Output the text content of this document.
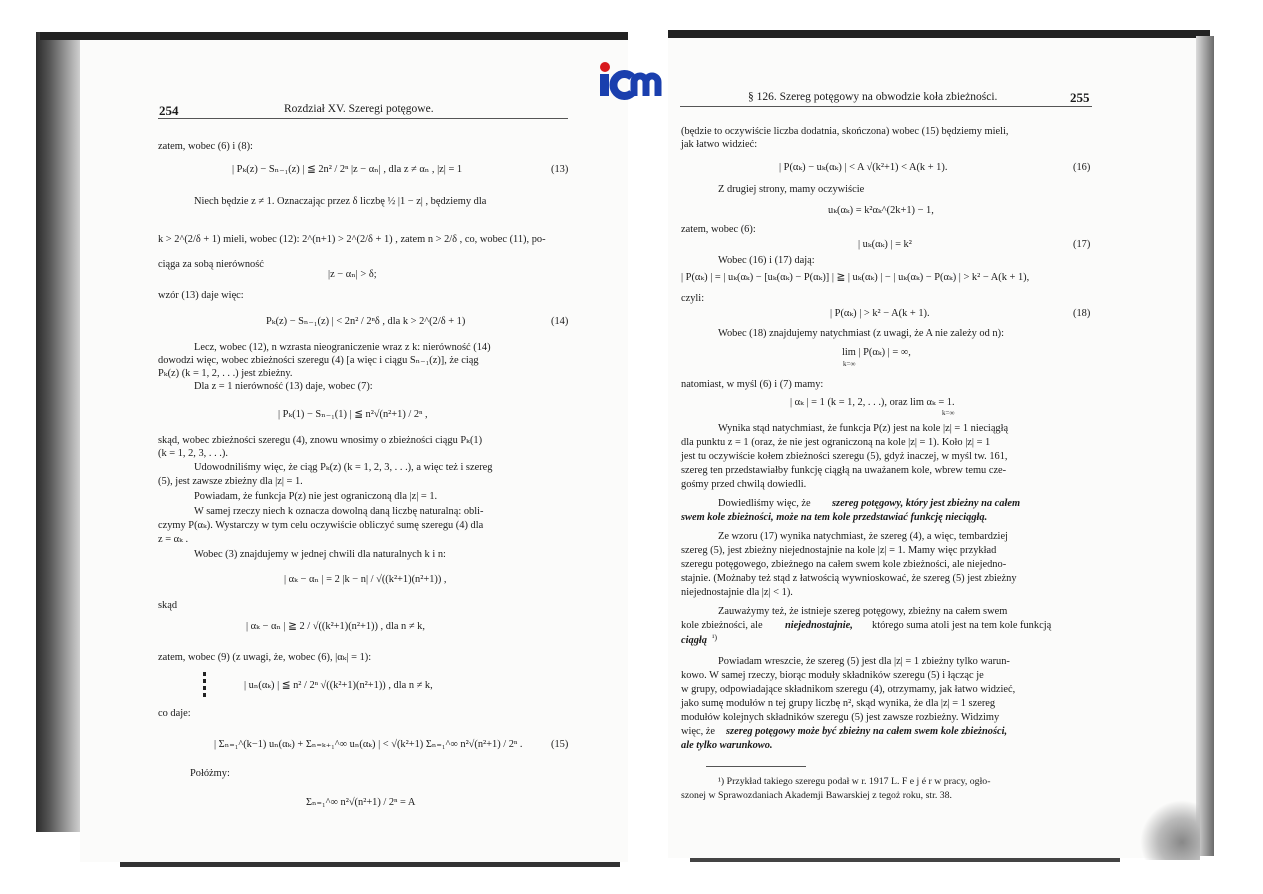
254	Rozdział XV. Szeregi potęgowe.
zatem, wobec (6) i (8):
| Pₖ(z) − Sₙ₋₁(z) | ≦ 2n² / 2ⁿ |z − αₙ| , dla z ≠ αₙ , |z| = 1	(13)
Niech będzie z ≠ 1. Oznaczając przez δ liczbę ½ |1 − z| , będziemy dla
k > 2^(2/δ + 1) mieli, wobec (12): 2^(n+1) > 2^(2/δ + 1) , zatem n > 2/δ , co, wobec (11), po-
ciąga za sobą nierówność
|z − αₙ| > δ;
wzór (13) daje więc:
Pₖ(z) − Sₙ₋₁(z) | < 2n² / 2ⁿδ , dla k > 2^(2/δ + 1)	(14)
Lecz, wobec (12), n wzrasta nieograniczenie wraz z k: nierówność (14)
dowodzi więc, wobec zbieżności szeregu (4) [a więc i ciągu Sₙ₋₁(z)], że ciąg
Pₖ(z) (k = 1, 2, . . .) jest zbieżny.
Dla z = 1 nierówność (13) daje, wobec (7):
| Pₖ(1) − Sₙ₋₁(1) | ≦ n²√(n²+1) / 2ⁿ ,
skąd, wobec zbieżności szeregu (4), znowu wnosimy o zbieżności ciągu Pₖ(1)
(k = 1, 2, 3, . . .).
Udowodniliśmy więc, że ciąg Pₖ(z) (k = 1, 2, 3, . . .), a więc też i szereg
(5), jest zawsze zbieżny dla |z| = 1.
Powiadam, że funkcja P(z) nie jest ograniczoną dla |z| = 1.
W samej rzeczy niech k oznacza dowolną daną liczbę naturalną: obli-
czymy P(αₖ). Wystarczy w tym celu oczywiście obliczyć sumę szeregu (4) dla
z = αₖ .
Wobec (3) znajdujemy w jednej chwili dla naturalnych k i n:
| αₖ − αₙ | = 2 |k − n| / √((k²+1)(n²+1)) ,
skąd
| αₖ − αₙ | ≧ 2 / √((k²+1)(n²+1)) , dla n ≠ k,
zatem, wobec (9) (z uwagi, że, wobec (6), |αₖ| = 1):
| uₙ(αₖ) | ≦ n² / 2ⁿ √((k²+1)(n²+1)) , dla n ≠ k,
co daje:
| Σₙ₌₁^(k−1) uₙ(αₖ) + Σₙ₌ₖ₊₁^∞ uₙ(αₖ) | < √(k²+1) Σₙ₌₁^∞ n²√(n²+1) / 2ⁿ .	(15)
Połóżmy:
Σₙ₌₁^∞ n²√(n²+1) / 2ⁿ = A
§ 126. Szereg potęgowy na obwodzie koła zbieżności.	255
(będzie to oczywiście liczba dodatnia, skończona) wobec (15) będziemy mieli,
jak łatwo widzieć:
| P(αₖ) − uₖ(αₖ) | < A √(k²+1) < A(k + 1).	(16)
Z drugiej strony, mamy oczywiście
uₖ(αₖ) = k²αₖ^(2k+1) − 1,
zatem, wobec (6):
| uₖ(αₖ) | = k²	(17)
Wobec (16) i (17) dają:
| P(αₖ) | = | uₖ(αₖ) − [uₖ(αₖ) − P(αₖ)] | ≧ | uₖ(αₖ) | − | uₖ(αₖ) − P(αₖ) | > k² − A(k + 1),
czyli:
| P(αₖ) | > k² − A(k + 1).	(18)
Wobec (18) znajdujemy natychmiast (z uwagi, że A nie zależy od n):
lim | P(αₖ) | = ∞,
k=∞
natomiast, w myśl (6) i (7) mamy:
| αₖ | = 1 (k = 1, 2, . . .), oraz lim αₖ = 1.
k=∞
Wynika stąd natychmiast, że funkcja P(z) jest na kole |z| = 1 nieciągłą
dla punktu z = 1 (oraz, że nie jest ograniczoną na kole |z| = 1). Koło |z| = 1
jest tu oczywiście kołem zbieżności szeregu (5), gdyż inaczej, w myśl tw. 161,
szereg ten przedstawiałby funkcję ciągłą na uważanem kole, wbrew temu cze-
gośmy przed chwilą dowiedli.
Dowiedliśmy więc, że szereg potęgowy, który jest zbieżny na całem
swem kole zbieżności, może na tem kole przedstawiać funkcję nieciągłą.
Ze wzoru (17) wynika natychmiast, że szereg (4), a więc, tembardziej
szereg (5), jest zbieżny niejednostajnie na kole |z| = 1. Mamy więc przykład
szeregu potęgowego, zbieżnego na całem swem kole zbieżności, ale niejedno-
stajnie. (Możnaby też stąd z łatwością wywnioskować, że szereg (5) jest zbieżny
niejednostajnie dla |z| < 1).
Zauważymy też, że istnieje szereg potęgowy, zbieżny na całem swem
kole zbieżności, ale niejednostajnie, którego suma atoli jest na tem kole funkcją
ciągłą ¹)
Powiadam wreszcie, że szereg (5) jest dla |z| = 1 zbieżny tylko warun-
kowo. W samej rzeczy, biorąc moduły składników szeregu (5) i łącząc je
w grupy, odpowiadające składnikom szeregu (4), otrzymamy, jak łatwo widzieć,
jako sumę modułów n tej grupy liczbę n², skąd wynika, że dla |z| = 1 szereg
modułów kolejnych składników szeregu (5) jest zawsze rozbieżny. Widzimy
więc, że szereg potęgowy może być zbieżny na całem swem kole zbieżności,
ale tylko warunkowo.
¹) Przykład takiego szeregu podał w r. 1917 L. F e j é r w pracy, ogło-
szonej w Sprawozdaniach Akademji Bawarskiej z tegoż roku, str. 38.
